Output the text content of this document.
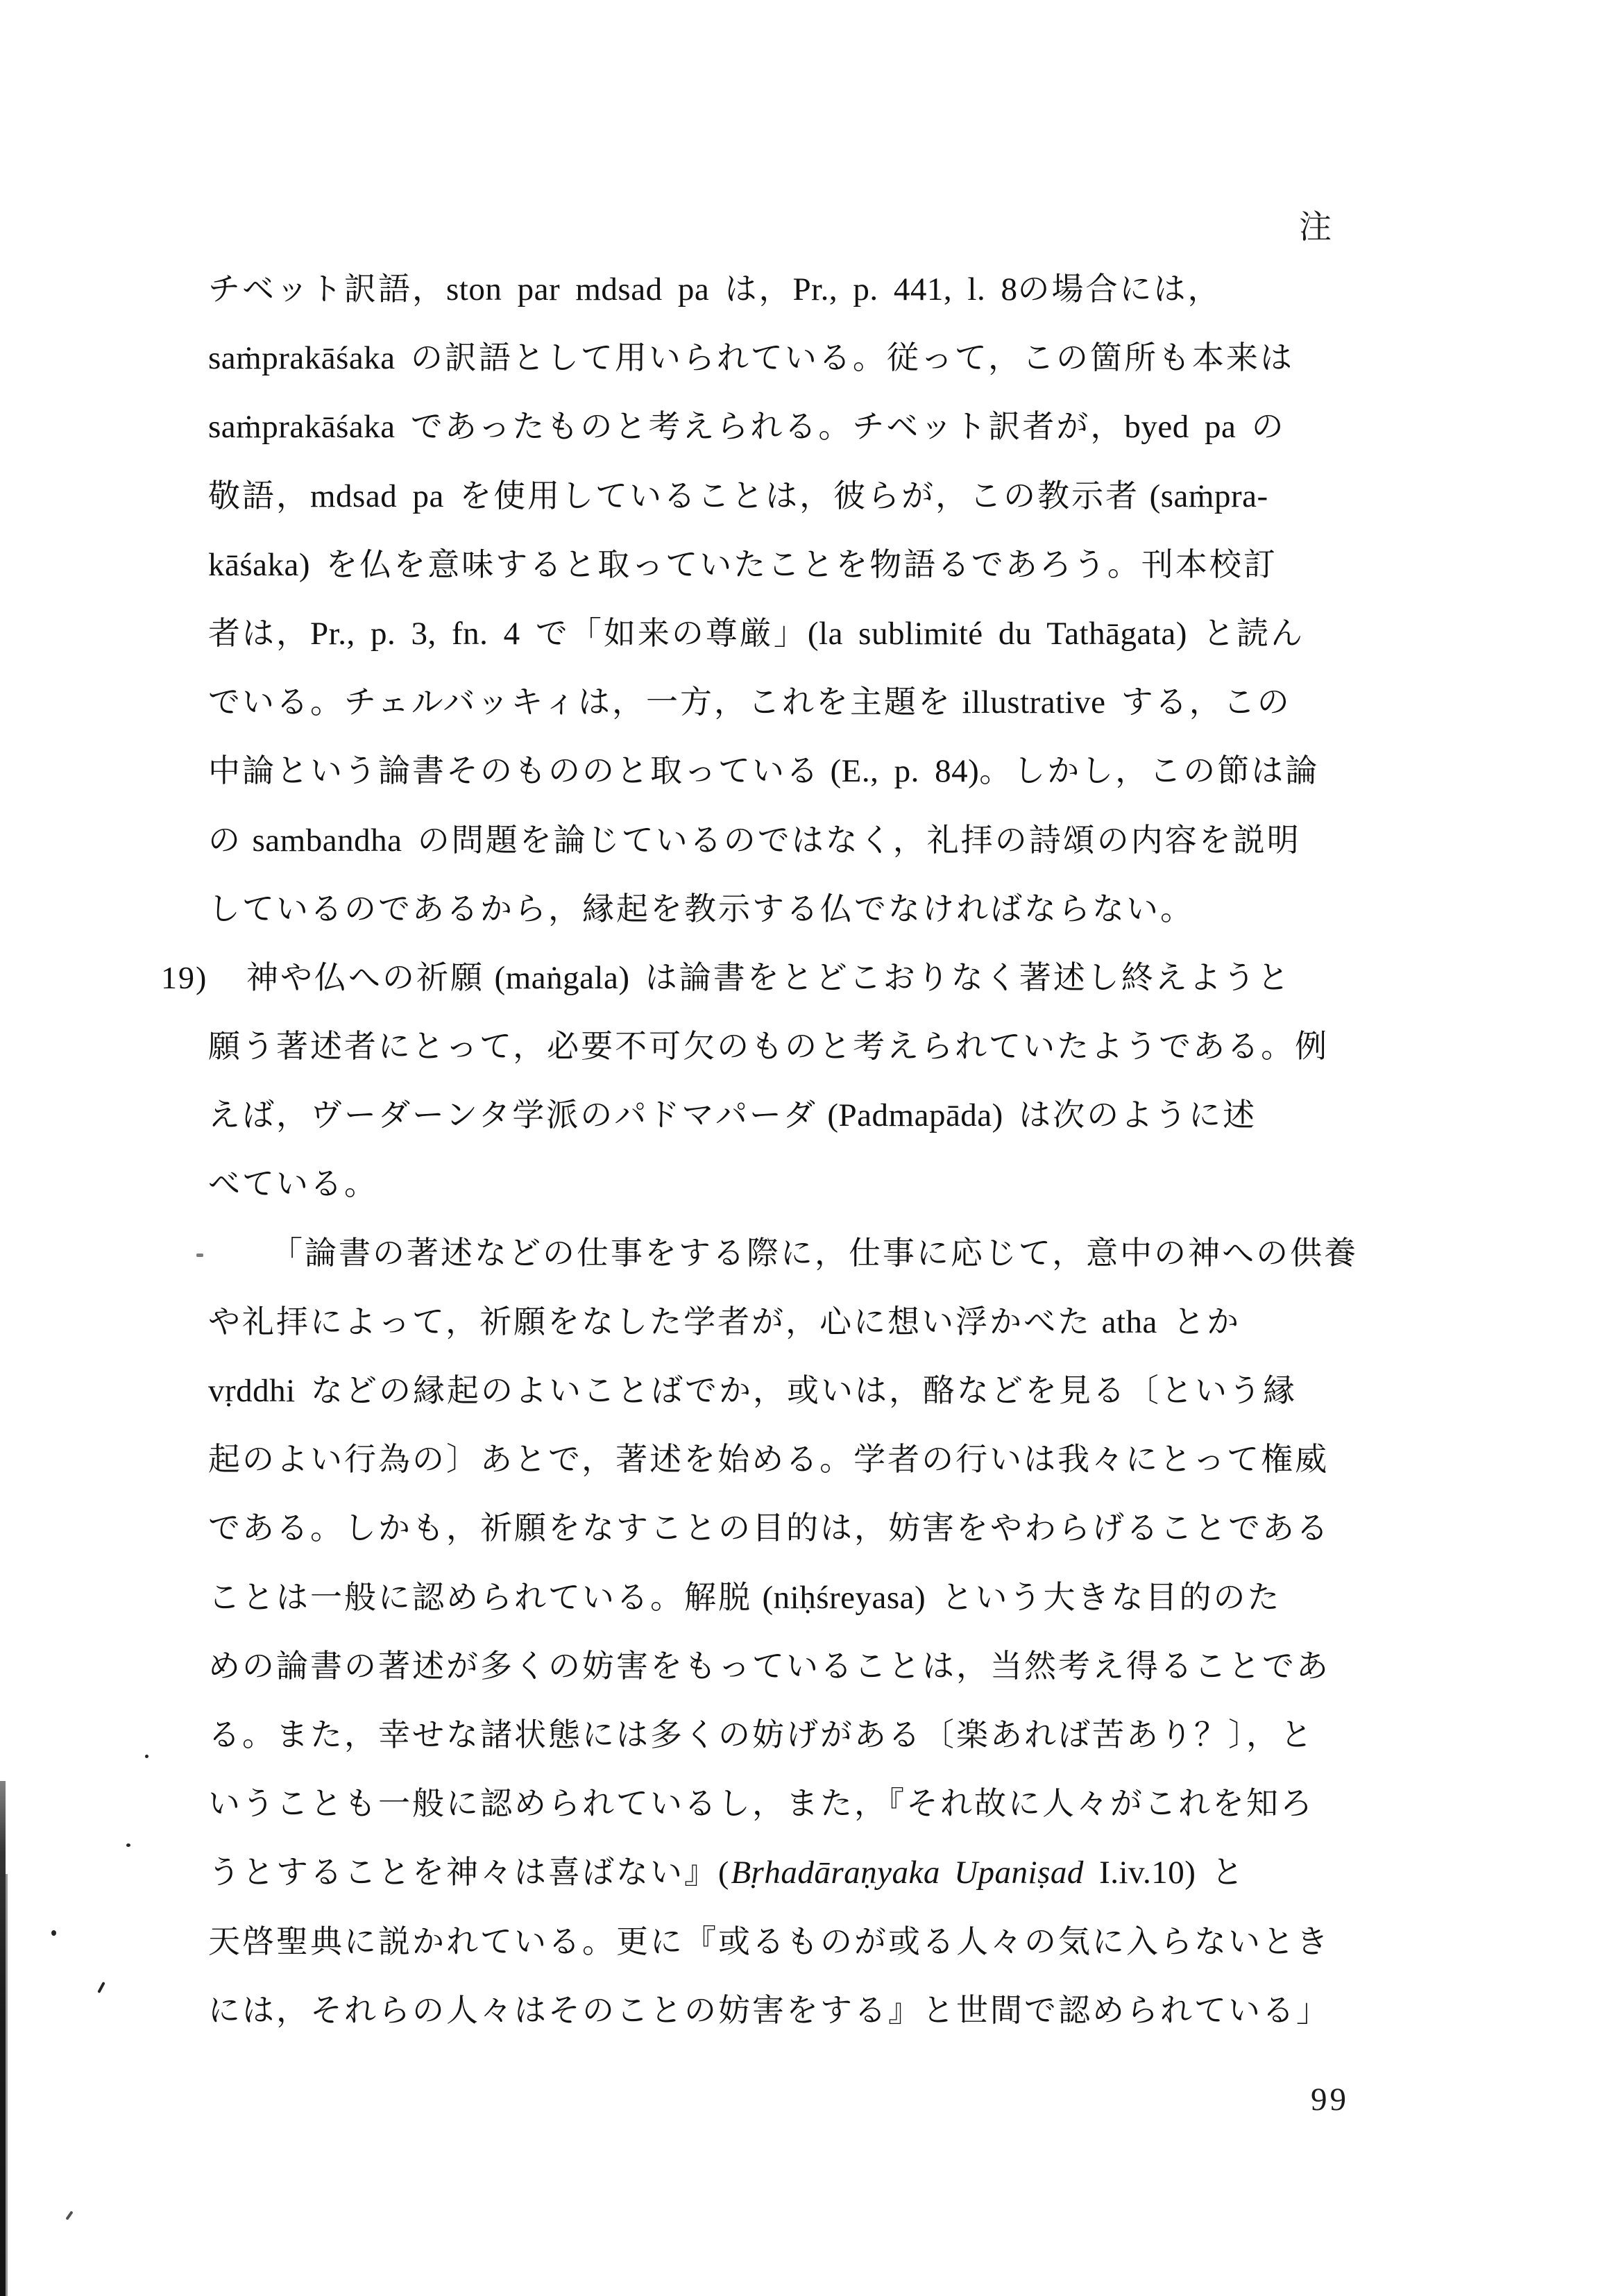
注
チベット訳語，ston par mdsad pa は，Pr., p. 441, l. 8の場合には，
saṁprakāśaka の訳語として用いられている。従って，この箇所も本来は
saṁprakāśaka であったものと考えられる。チベット訳者が，byed pa の
敬語，mdsad pa を使用していることは，彼らが，この教示者 (saṁpra-
kāśaka) を仏を意味すると取っていたことを物語るであろう。刊本校訂
者は，Pr., p. 3, fn. 4 で「如来の尊厳」(la sublimité du Tathāgata) と読ん
でいる。チェルバッキィは，一方，これを主題を illustrative する，この
中論という論書そのもののと取っている (E., p. 84)。しかし，この節は論
の sambandha の問題を論じているのではなく，礼拝の詩頌の内容を説明
しているのであるから，縁起を教示する仏でなければならない。
19) 神や仏への祈願 (maṅgala) は論書をとどこおりなく著述し終えようと
願う著述者にとって，必要不可欠のものと考えられていたようである。例
えば，ヴーダーンタ学派のパドマパーダ (Padmapāda) は次のように述
べている。
「論書の著述などの仕事をする際に，仕事に応じて，意中の神への供養
や礼拝によって，祈願をなした学者が，心に想い浮かべた atha とか
vṛddhi などの縁起のよいことばでか，或いは，酪などを見る〔という縁
起のよい行為の〕あとで，著述を始める。学者の行いは我々にとって権威
である。しかも，祈願をなすことの目的は，妨害をやわらげることである
ことは一般に認められている。解脱 (niḥśreyasa) という大きな目的のた
めの論書の著述が多くの妨害をもっていることは，当然考え得ることであ
る。また，幸せな諸状態には多くの妨げがある〔楽あれば苦あり？〕，と
いうことも一般に認められているし，また，『それ故に人々がこれを知ろ
うとすることを神々は喜ばない』(Bṛhadāraṇyaka Upaniṣad I.iv.10) と
天啓聖典に説かれている。更に『或るものが或る人々の気に入らないとき
には，それらの人々はそのことの妨害をする』と世間で認められている」
99
